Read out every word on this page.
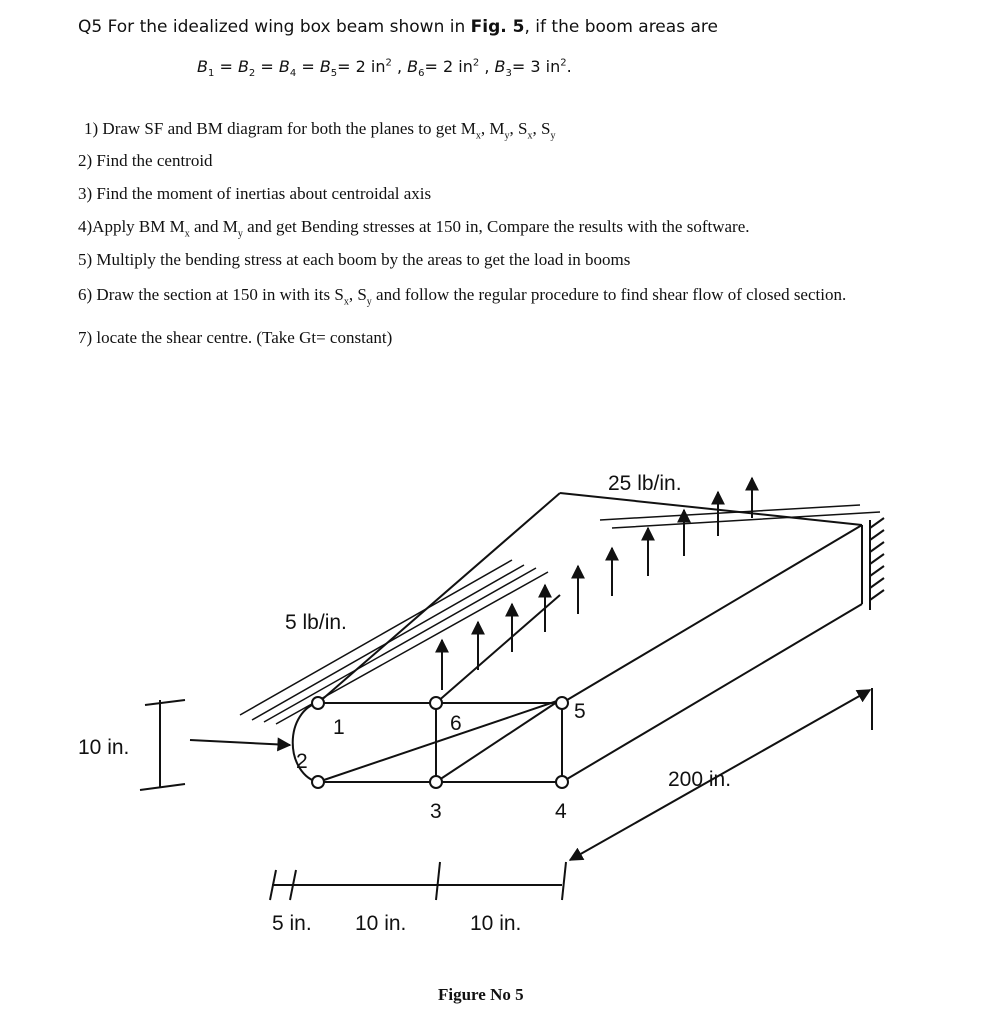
Q5 For the idealized wing box beam shown in Fig. 5, if the boom areas are
$B_1 = B_2 = B_4 = B_5= 2$ $in^2$ , $B_6= 2$ $in^2$ , $B_3= 3$ $in^2$.
1) Draw SF and BM diagram for both the planes to get $M_x$, $M_y$, $S_x$, $S_y$
2) Find the centroid
3) Find the moment of inertias about centroidal axis
4)Apply BM $M_x$ and $M_y$ and get Bending stresses at 150 in, Compare the results with the software.
5) Multiply the bending stress at each boom by the areas to get the load in booms
6) Draw the section at 150 in with its $S_x$, $S_y$ and follow the regular procedure to find shear flow of closed section.
7) locate the shear centre. (Take Gt= constant)
25 lb/in.
5 lb/in.
10 in.
200 in.
5 in. 10 in.	10 in.
1
2
3	4
5
6
Figure No 5
